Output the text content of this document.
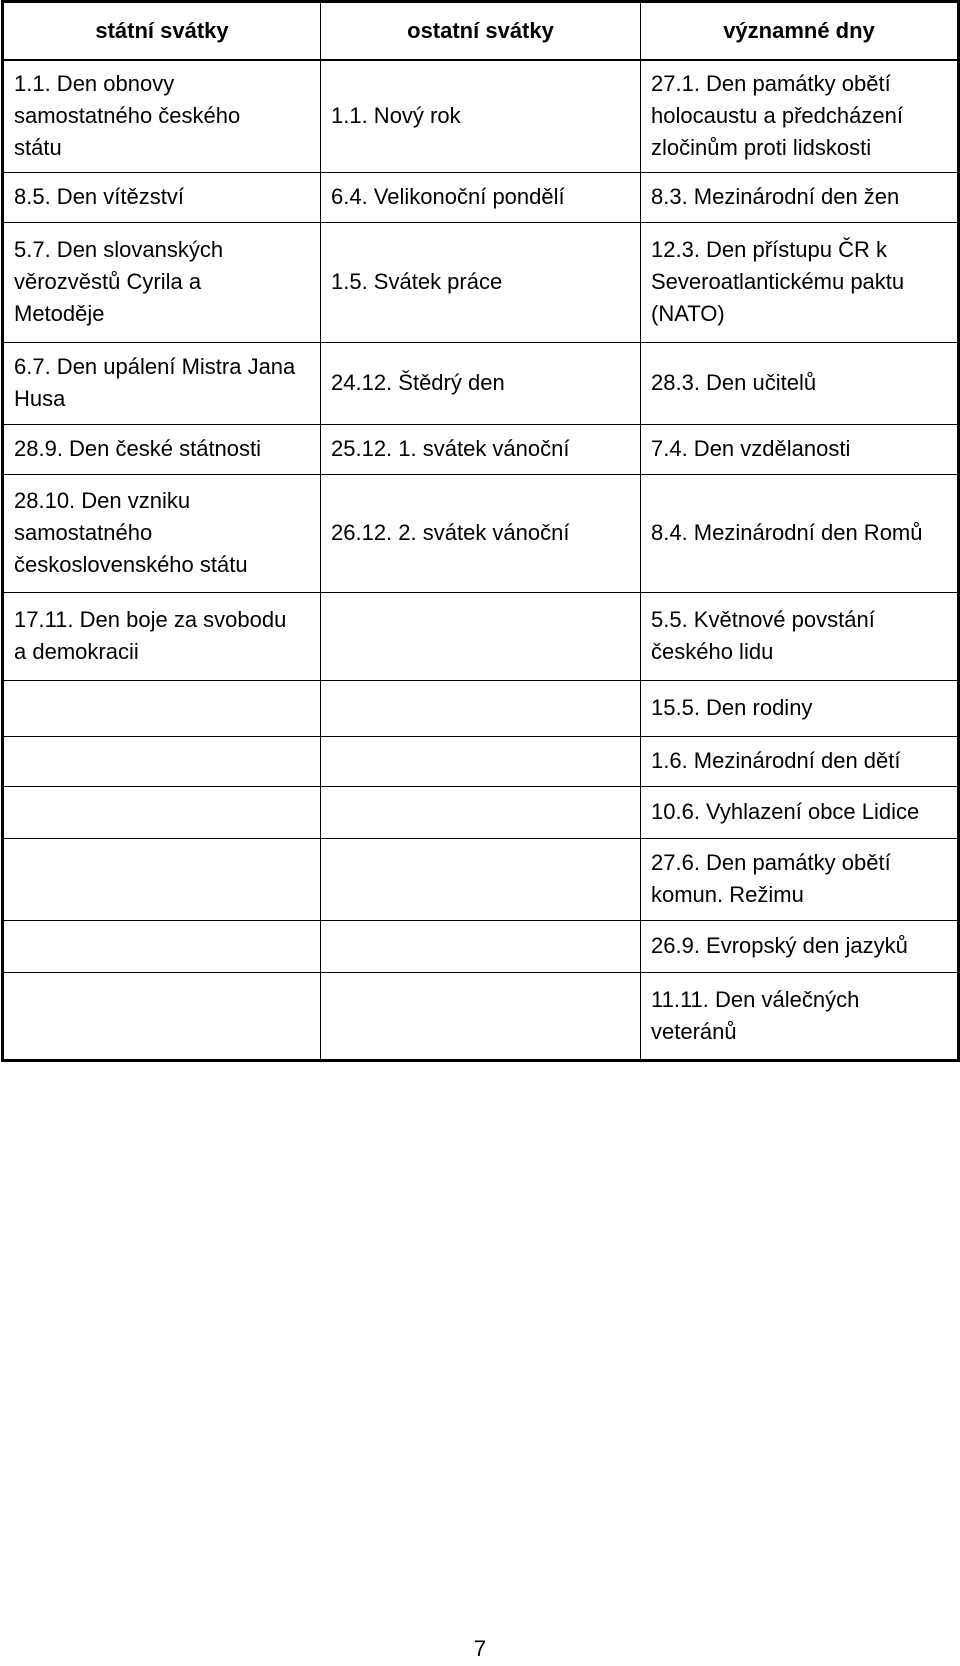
státní svátky	ostatní svátky	významné dny
1.1. Den obnovy
samostatného českého
státu	1.1. Nový rok	27.1. Den památky obětí
holocaustu a předcházení
zločinům proti lidskosti
8.5. Den vítězství	6.4. Velikonoční pondělí	8.3. Mezinárodní den žen
5.7. Den slovanských
věrozvěstů Cyrila a
Metoděje	1.5. Svátek práce	12.3. Den přístupu ČR k
Severoatlantickému paktu
(NATO)
6.7. Den upálení Mistra Jana
Husa	24.12. Štědrý den	28.3. Den učitelů
28.9. Den české státnosti	25.12. 1. svátek vánoční	7.4. Den vzdělanosti
28.10. Den vzniku
samostatného
československého státu	26.12. 2. svátek vánoční	8.4. Mezinárodní den Romů
17.11. Den boje za svobodu
a demokracii		5.5. Květnové povstání
českého lidu
		15.5. Den rodiny
		1.6. Mezinárodní den dětí
		10.6. Vyhlazení obce Lidice
		27.6. Den památky obětí
komun. Režimu
		26.9. Evropský den jazyků
		11.11. Den válečných
veteránů
7
